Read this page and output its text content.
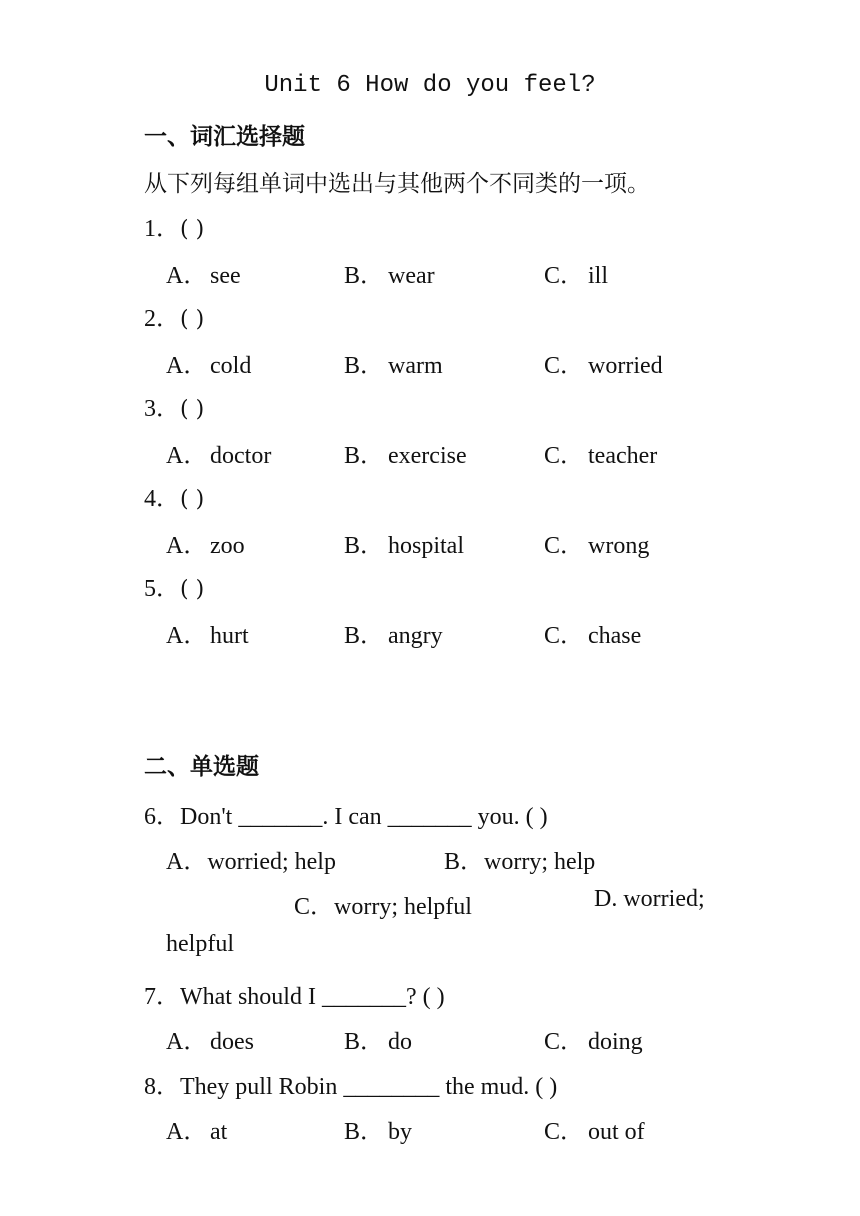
Unit 6 How do you feel?
一、词汇选择题
从下列每组单词中选出与其他两个不同类的一项。
1．( )
A． see	B． wear	C． ill
2．( )
A． cold	B． warm	C． worried
3．( )
A． doctor	B． exercise	C． teacher
4．( )
A． zoo	B． hospital	C． wrong
5．( )
A． hurt	B． angry	C． chase
二、单选题
6．Don't _______. I can _______ you. ( )
A．worried; help	B．worry; help
C．worry; helpful	D. worried;
helpful
7．What should I _______? ( )
A． does	B． do	C． doing
8．They pull Robin ________ the mud. ( )
A． at	B． by	C． out of
